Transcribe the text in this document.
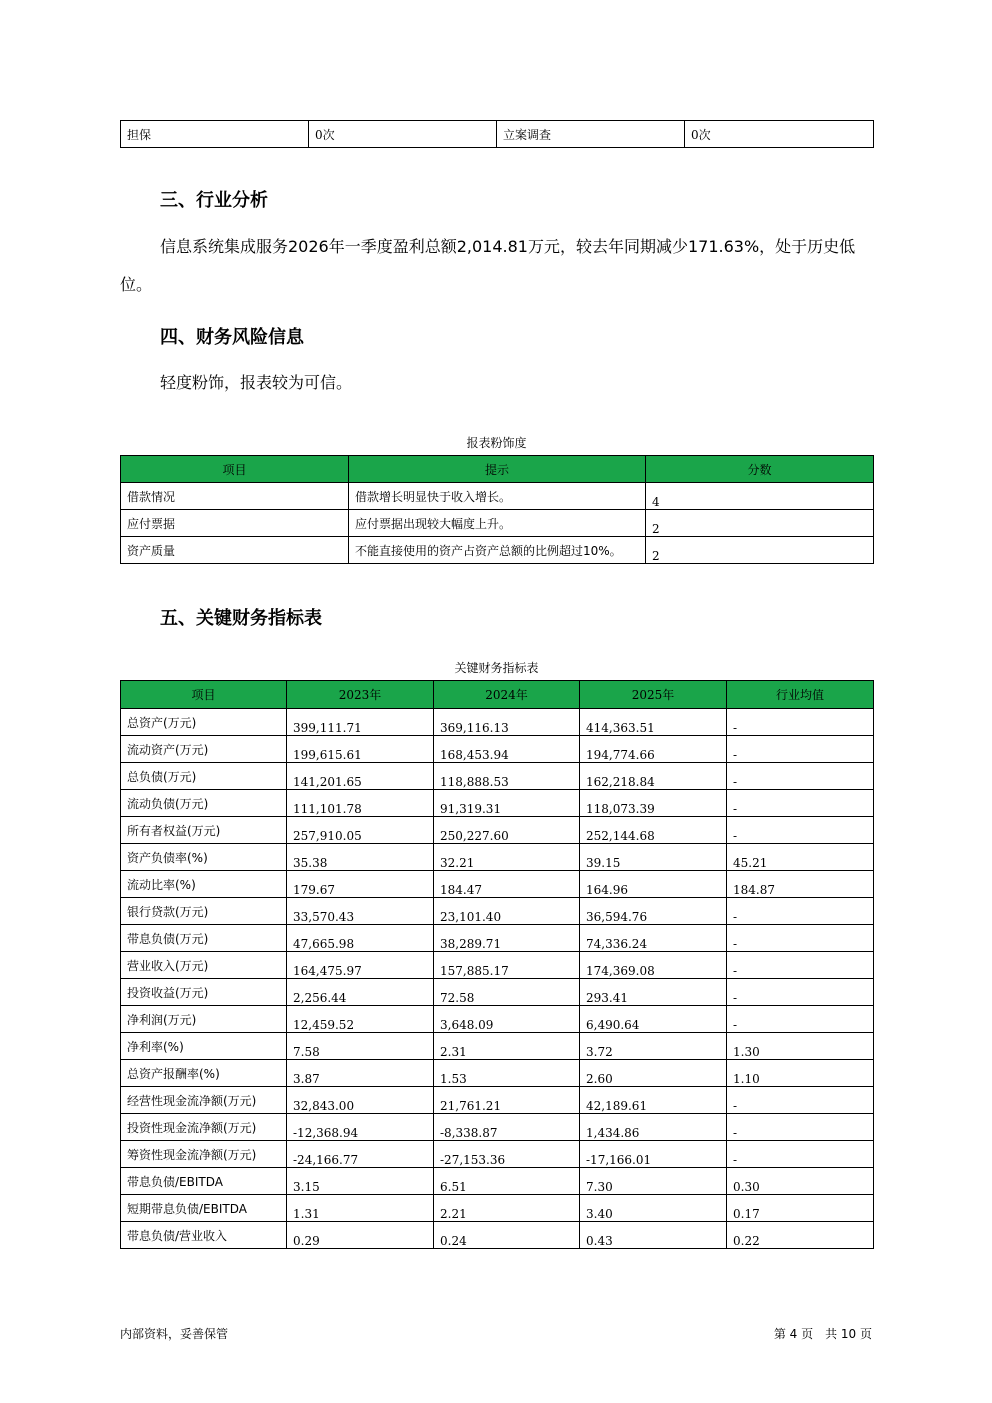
担保	0次	立案调查	0次
三、行业分析

信息系统集成服务2026年一季度盈利总额2,014.81万元，较去年同期减少171.63%，处于历史低位。

四、财务风险信息

轻度粉饰，报表较为可信。

报表粉饰度
项目	提示	分数
借款情况	借款增长明显快于收入增长。	4
应付票据	应付票据出现较大幅度上升。	2
资产质量	不能直接使用的资产占资产总额的比例超过10%。	2
五、关键财务指标表
关键财务指标表
项目	2023年	2024年	2025年	行业均值
总资产(万元)	399,111.71	369,116.13	414,363.51	-
流动资产(万元)	199,615.61	168,453.94	194,774.66	-
总负债(万元)	141,201.65	118,888.53	162,218.84	-
流动负债(万元)	111,101.78	91,319.31	118,073.39	-
所有者权益(万元)	257,910.05	250,227.60	252,144.68	-
资产负债率(%)	35.38	32.21	39.15	45.21
流动比率(%)	179.67	184.47	164.96	184.87
银行贷款(万元)	33,570.43	23,101.40	36,594.76	-
带息负债(万元)	47,665.98	38,289.71	74,336.24	-
营业收入(万元)	164,475.97	157,885.17	174,369.08	-
投资收益(万元)	2,256.44	72.58	293.41	-
净利润(万元)	12,459.52	3,648.09	6,490.64	-
净利率(%)	7.58	2.31	3.72	1.30
总资产报酬率(%)	3.87	1.53	2.60	1.10
经营性现金流净额(万元)	32,843.00	21,761.21	42,189.61	-
投资性现金流净额(万元)	-12,368.94	-8,338.87	1,434.86	-
筹资性现金流净额(万元)	-24,166.77	-27,153.36	-17,166.01	-
带息负债/EBITDA	3.15	6.51	7.30	0.30
短期带息负债/EBITDA	1.31	2.21	3.40	0.17
带息负债/营业收入	0.29	0.24	0.43	0.22
内部资料，妥善保管	第 4 页　共 10 页
